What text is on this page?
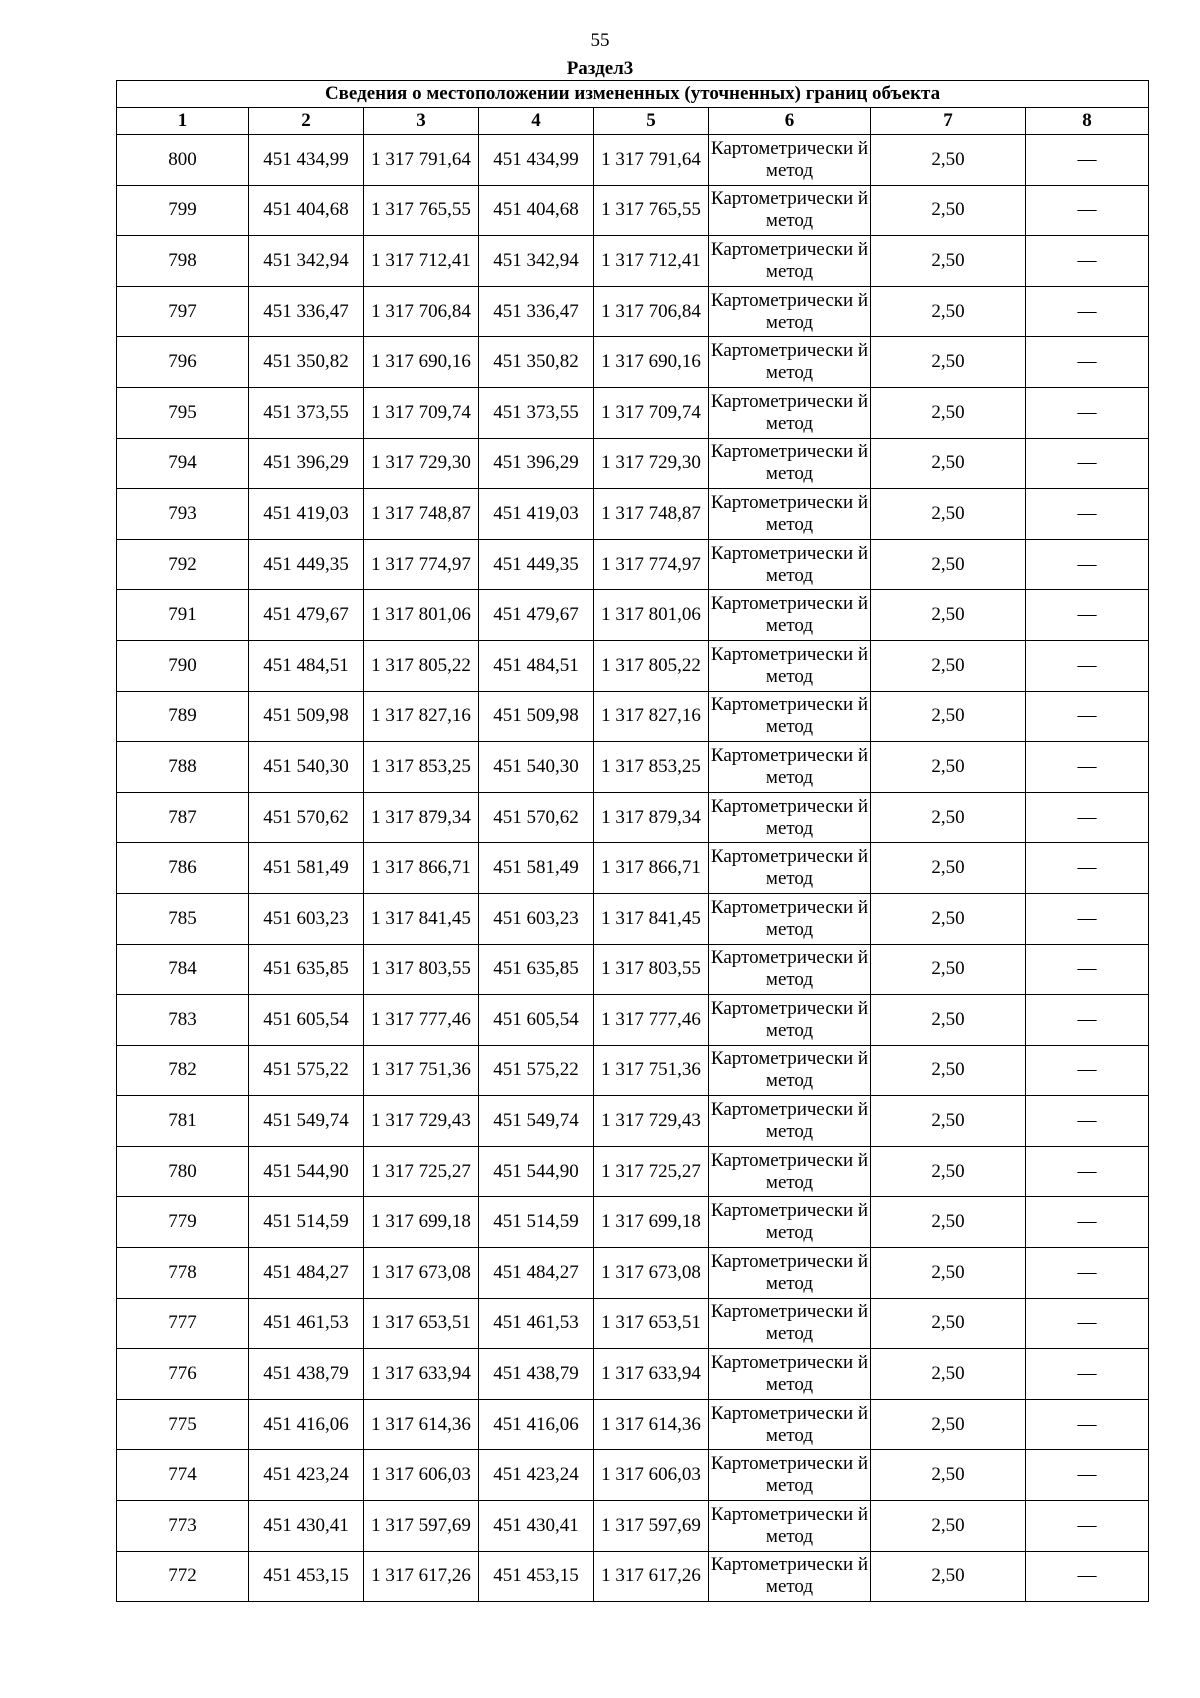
55
Раздел3
Сведения о местоположении измененных (уточненных) границ объекта							
1	2	3	4	5	6	7	8
800	451 434,99	1 317 791,64	451 434,99	1 317 791,64	Картометрически й метод	2,50	—
799	451 404,68	1 317 765,55	451 404,68	1 317 765,55	Картометрически й метод	2,50	—
798	451 342,94	1 317 712,41	451 342,94	1 317 712,41	Картометрически й метод	2,50	—
797	451 336,47	1 317 706,84	451 336,47	1 317 706,84	Картометрически й метод	2,50	—
796	451 350,82	1 317 690,16	451 350,82	1 317 690,16	Картометрически й метод	2,50	—
795	451 373,55	1 317 709,74	451 373,55	1 317 709,74	Картометрически й метод	2,50	—
794	451 396,29	1 317 729,30	451 396,29	1 317 729,30	Картометрически й метод	2,50	—
793	451 419,03	1 317 748,87	451 419,03	1 317 748,87	Картометрически й метод	2,50	—
792	451 449,35	1 317 774,97	451 449,35	1 317 774,97	Картометрически й метод	2,50	—
791	451 479,67	1 317 801,06	451 479,67	1 317 801,06	Картометрически й метод	2,50	—
790	451 484,51	1 317 805,22	451 484,51	1 317 805,22	Картометрически й метод	2,50	—
789	451 509,98	1 317 827,16	451 509,98	1 317 827,16	Картометрически й метод	2,50	—
788	451 540,30	1 317 853,25	451 540,30	1 317 853,25	Картометрически й метод	2,50	—
787	451 570,62	1 317 879,34	451 570,62	1 317 879,34	Картометрически й метод	2,50	—
786	451 581,49	1 317 866,71	451 581,49	1 317 866,71	Картометрически й метод	2,50	—
785	451 603,23	1 317 841,45	451 603,23	1 317 841,45	Картометрически й метод	2,50	—
784	451 635,85	1 317 803,55	451 635,85	1 317 803,55	Картометрически й метод	2,50	—
783	451 605,54	1 317 777,46	451 605,54	1 317 777,46	Картометрически й метод	2,50	—
782	451 575,22	1 317 751,36	451 575,22	1 317 751,36	Картометрически й метод	2,50	—
781	451 549,74	1 317 729,43	451 549,74	1 317 729,43	Картометрически й метод	2,50	—
780	451 544,90	1 317 725,27	451 544,90	1 317 725,27	Картометрически й метод	2,50	—
779	451 514,59	1 317 699,18	451 514,59	1 317 699,18	Картометрически й метод	2,50	—
778	451 484,27	1 317 673,08	451 484,27	1 317 673,08	Картометрически й метод	2,50	—
777	451 461,53	1 317 653,51	451 461,53	1 317 653,51	Картометрически й метод	2,50	—
776	451 438,79	1 317 633,94	451 438,79	1 317 633,94	Картометрически й метод	2,50	—
775	451 416,06	1 317 614,36	451 416,06	1 317 614,36	Картометрически й метод	2,50	—
774	451 423,24	1 317 606,03	451 423,24	1 317 606,03	Картометрически й метод	2,50	—
773	451 430,41	1 317 597,69	451 430,41	1 317 597,69	Картометрически й метод	2,50	—
772	451 453,15	1 317 617,26	451 453,15	1 317 617,26	Картометрически й метод	2,50	—
